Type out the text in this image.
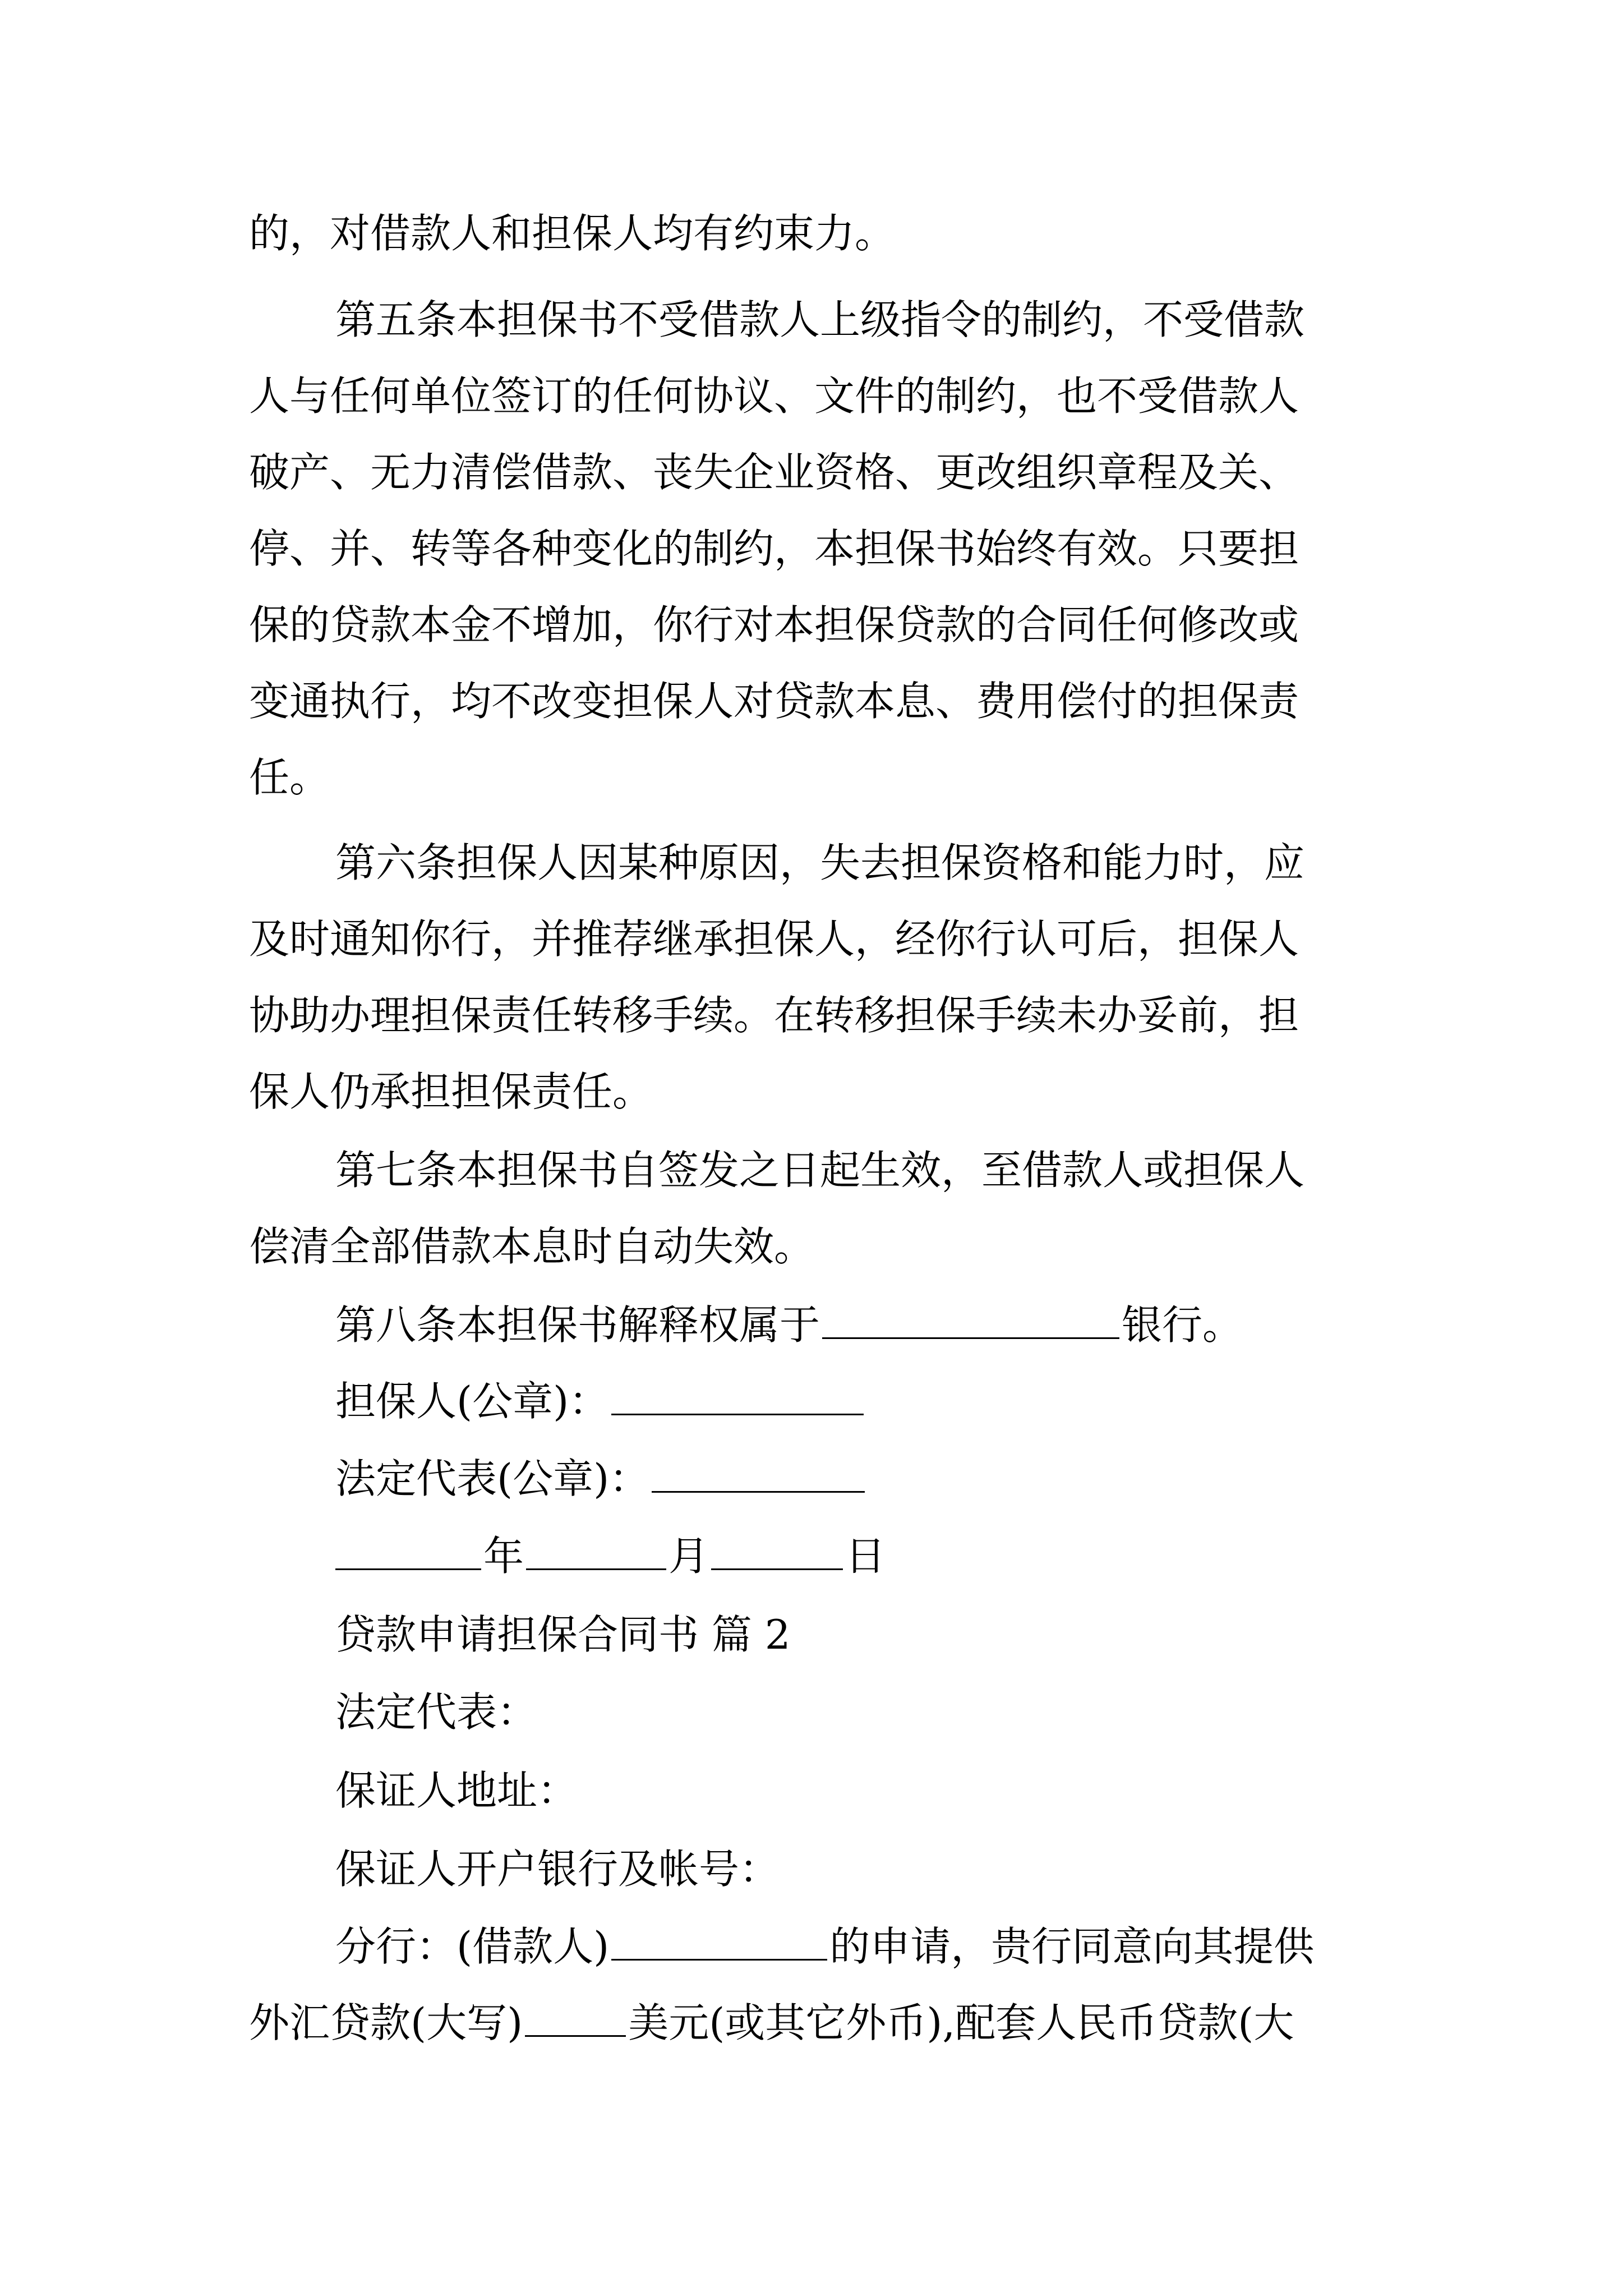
的，对借款人和担保人均有约束力。
第五条本担保书不受借款人上级指令的制约，不受借款
人与任何单位签订的任何协议、文件的制约，也不受借款人
破产、无力清偿借款、丧失企业资格、更改组织章程及关、
停、并、转等各种变化的制约，本担保书始终有效。只要担
保的贷款本金不增加，你行对本担保贷款的合同任何修改或
变通执行，均不改变担保人对贷款本息、费用偿付的担保责
任。
第六条担保人因某种原因，失去担保资格和能力时，应
及时通知你行，并推荐继承担保人，经你行认可后，担保人
协助办理担保责任转移手续。在转移担保手续未办妥前，担
保人仍承担担保责任。
第七条本担保书自签发之日起生效，至借款人或担保人
偿清全部借款本息时自动失效。
第八条本担保书解释权属于	银行。
担保人(公章)：
法定代表(公章)：
年	月	日
贷款申请担保合同书 篇 2
法定代表：
保证人地址：
保证人开户银行及帐号：
分行：(借款人)	的申请，贵行同意向其提供
外汇贷款(大写)	美元(或其它外币),配套人民币贷款(大
